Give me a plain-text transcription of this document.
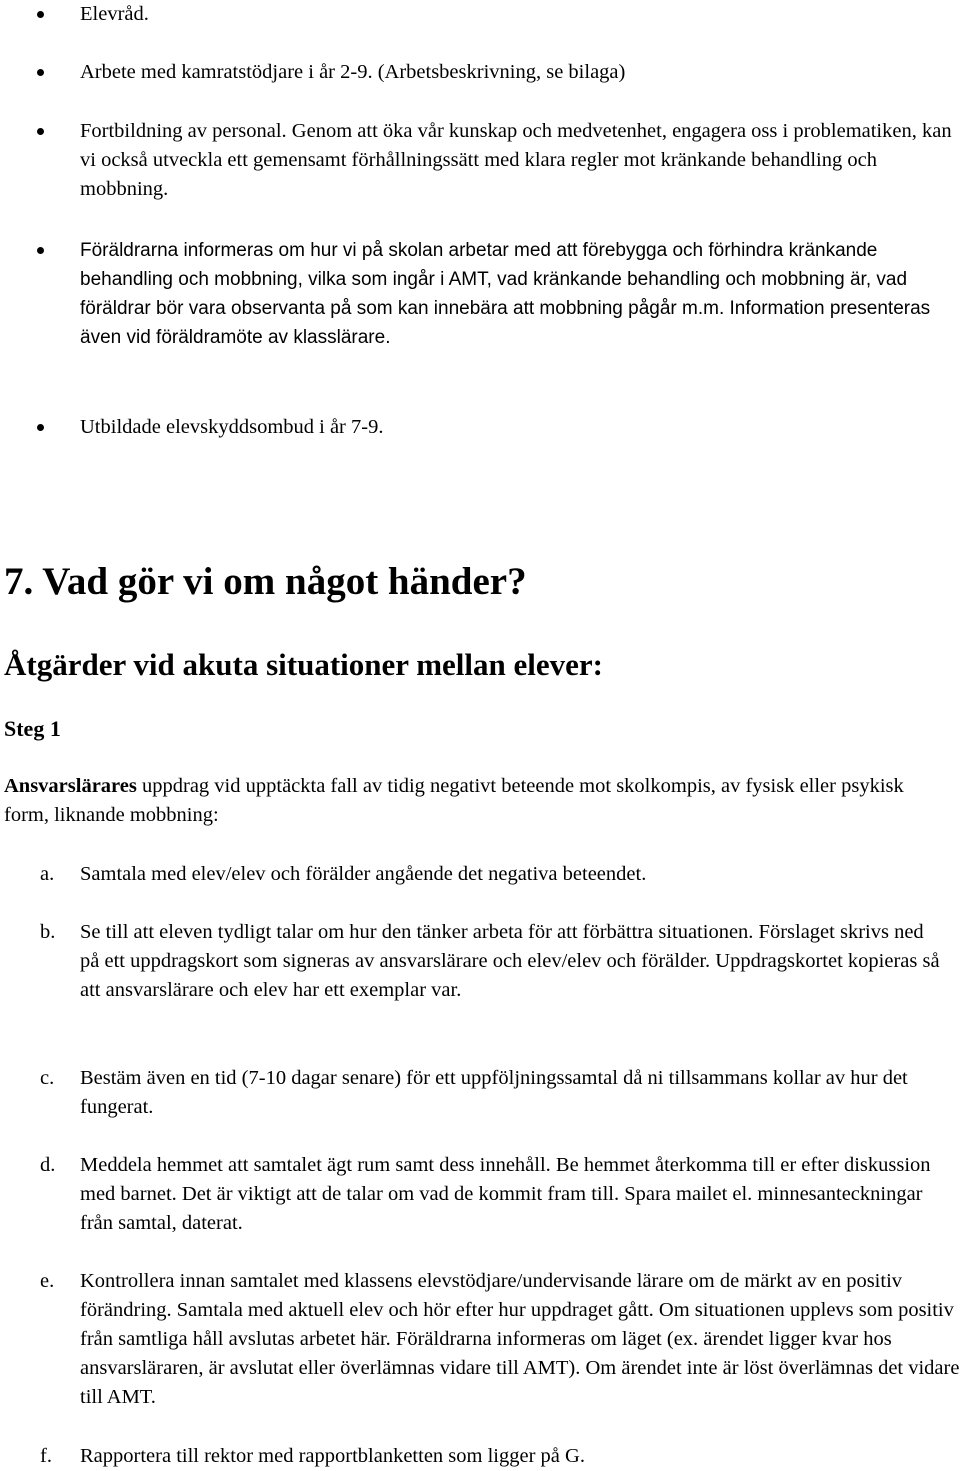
Elevråd.
Arbete med kamratstödjare i år 2-9. (Arbetsbeskrivning, se bilaga)
Fortbildning av personal. Genom att öka vår kunskap och medvetenhet, engagera oss i problematiken, kan vi också utveckla ett gemensamt förhållningssätt med klara regler mot kränkande behandling och mobbning.
Föräldrarna informeras om hur vi på skolan arbetar med att förebygga och förhindra kränkande behandling och mobbning, vilka som ingår i AMT, vad kränkande behandling och mobbning är, vad föräldrar bör vara observanta på som kan innebära att mobbning pågår m.m. Information presenteras även vid föräldramöte av klasslärare.
Utbildade elevskyddsombud i år 7-9.
7. Vad gör vi om något händer?
Åtgärder vid akuta situationer mellan elever:
Steg 1
Ansvarslärares uppdrag vid upptäckta fall av tidig negativt beteende mot skolkompis, av fysisk eller psykisk form, liknande mobbning:
a. Samtala med elev/elev och förälder angående det negativa beteendet.
b. Se till att eleven tydligt talar om hur den tänker arbeta för att förbättra situationen. Förslaget skrivs ned på ett uppdragskort som signeras av ansvarslärare och elev/elev och förälder. Uppdragskortet kopieras så att ansvarslärare och elev har ett exemplar var.
c. Bestäm även en tid (7-10 dagar senare) för ett uppföljningssamtal då ni tillsammans kollar av hur det fungerat.
d. Meddela hemmet att samtalet ägt rum samt dess innehåll. Be hemmet återkomma till er efter diskussion med barnet. Det är viktigt att de talar om vad de kommit fram till. Spara mailet el. minnesanteckningar från samtal, daterat.
e. Kontrollera innan samtalet med klassens elevstödjare/undervisande lärare om de märkt av en positiv förändring. Samtala med aktuell elev och hör efter hur uppdraget gått. Om situationen upplevs som positiv från samtliga håll avslutas arbetet här. Föräldrarna informeras om läget (ex. ärendet ligger kvar hos ansvarsläraren, är avslutat eller överlämnas vidare till AMT). Om ärendet inte är löst överlämnas det vidare till AMT.
f. Rapportera till rektor med rapportblanketten som ligger på G.
